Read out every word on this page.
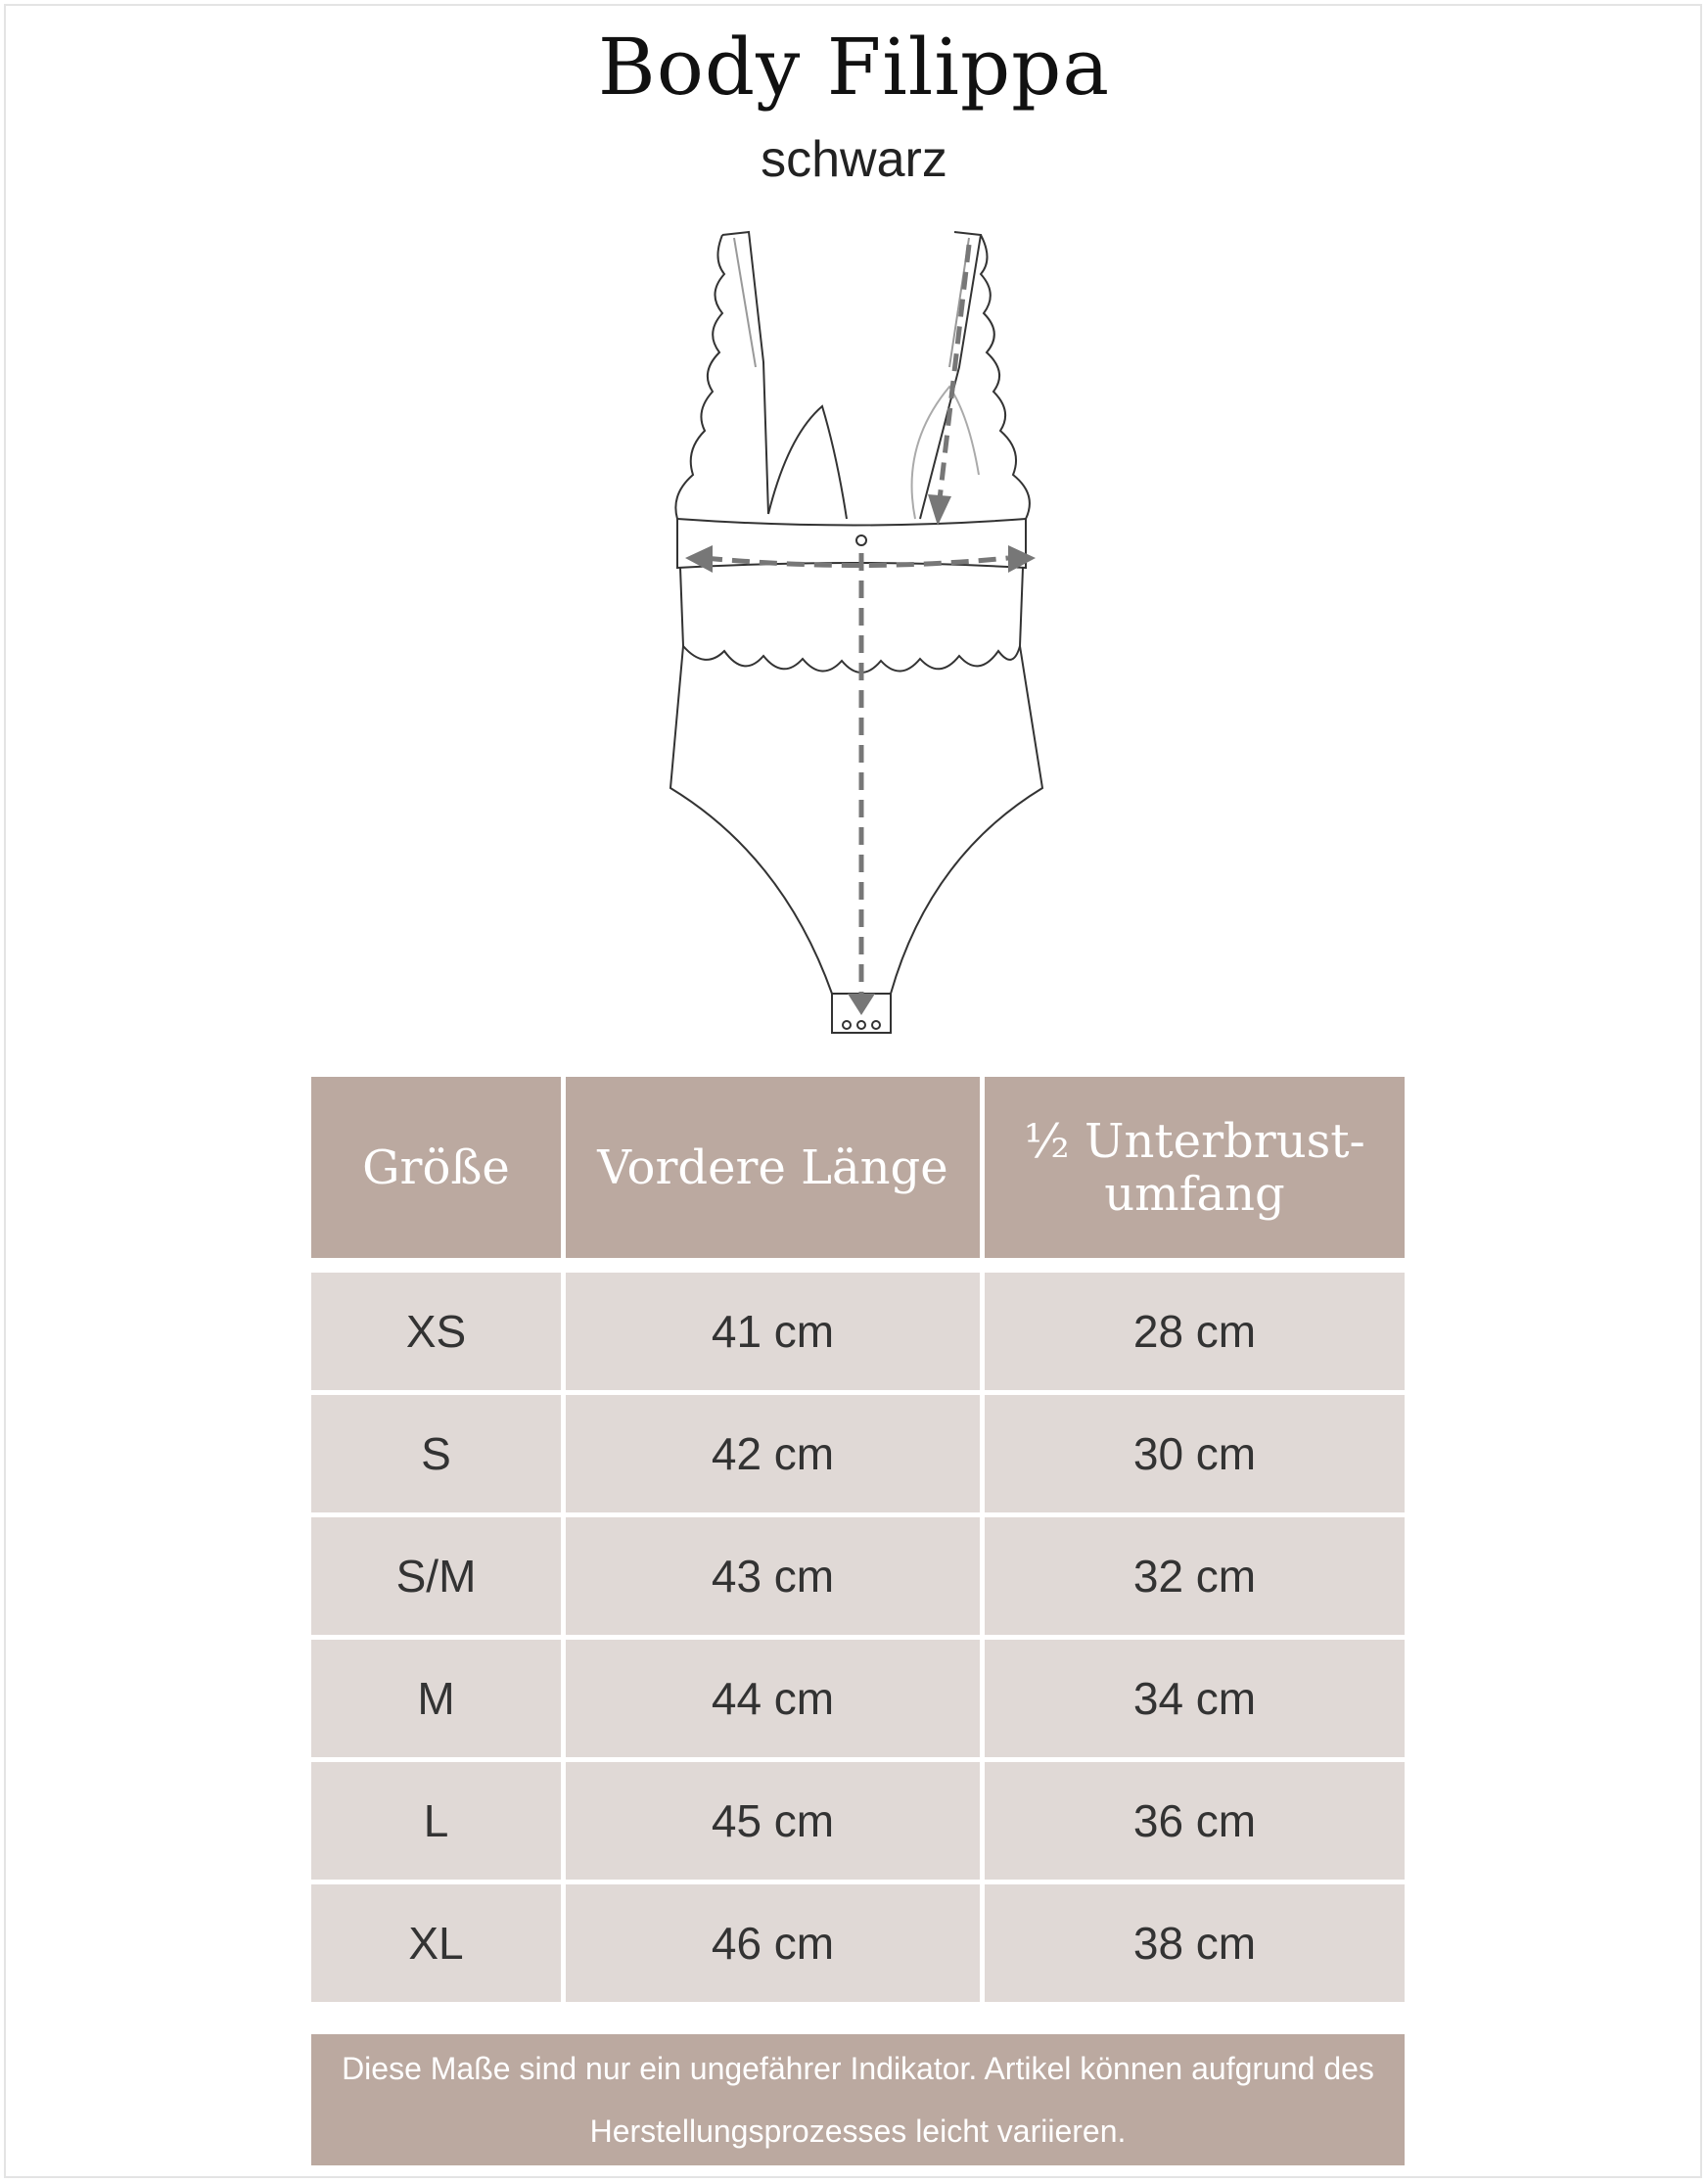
Body Filippa
schwarz
Größe	Vordere Länge	½ Unterbrust-
umfang
XS	41 cm	28 cm
S	42 cm	30 cm
S/M	43 cm	32 cm
M	44 cm	34 cm
L	45 cm	36 cm
XL	46 cm	38 cm
Diese Maße sind nur ein ungefährer Indikator. Artikel können aufgrund des Herstellungsprozesses leicht variieren.
